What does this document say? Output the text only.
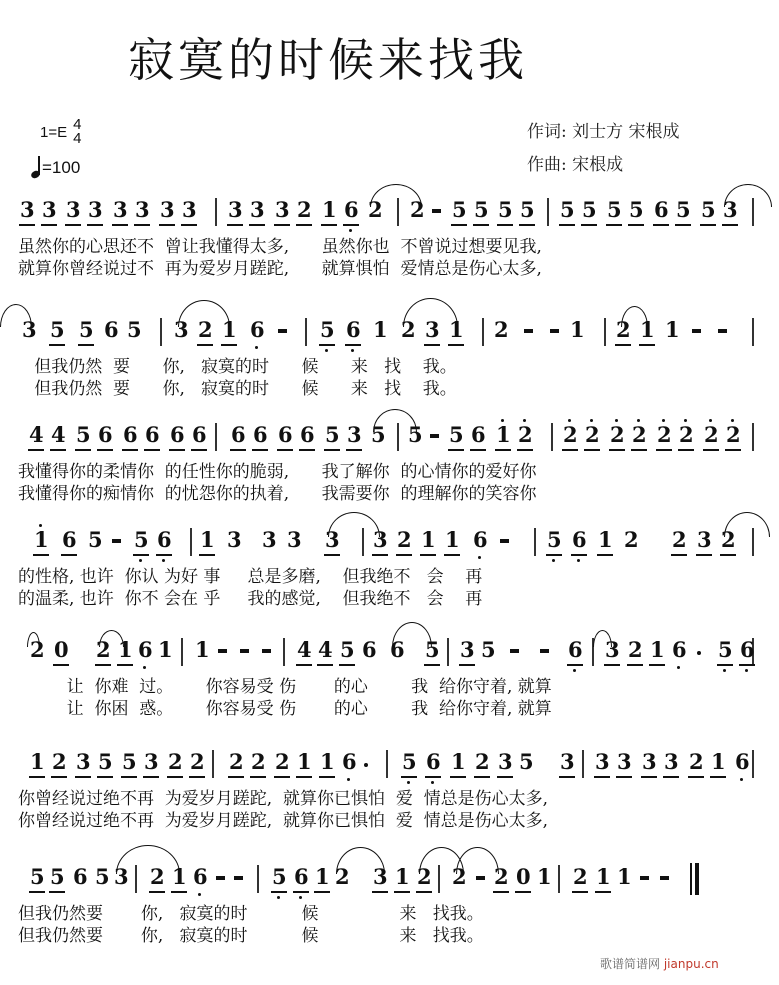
寂寞的时候来找我
1=E 4
4
=100
作词: 刘士方 宋根成
作曲: 宋根成
3 3 3 3 3 3 3 3 3 3 3 2 1 6 2 2 5 5 5 5 5 5 5 5 6 5 5 3
虽然你的心思还不  曾让我懂得太多,      虽然你也  不曾说过想要见我,
就算你曾经说过不  再为爱岁月蹉跎,      就算惧怕  爱情总是伤心太多,
3 5 5 6 5 3 2 1 6	5 6 1 2 3 1 2	1 2 1 1
但我仍然  要      你,   寂寞的时      候      来   找    我。
但我仍然  要      你,   寂寞的时      候      来   找    我。
4 4 5 6 6 6 6 6 6 6 6 6 5 3 5 5 5 6 1 2 2 2 2 2 2 2 2 2
我懂得你的柔情你  的任性你的脆弱,      我了解你  的心情你的爱好你
我懂得你的痴情你  的忧怨你的执着,      我需要你  的理解你的笑容你
1 6 5 5 6 1 3 3 3 3 3 2 1 1 6	5 6 1 2 2 3 2
的性格, 也许  你认 为好 事     总是多磨,    但我绝不   会    再
的温柔, 也许  你不 会在 乎     我的感觉,    但我绝不   会    再
2 0 2 1 6 1 1	4 4 5 6 6 5 3 5	6 3 2 1 6 5 6
让  你难  过。      你容易受 伤       的心        我  给你守着, 就算
让  你困  惑。      你容易受 伤       的心        我  给你守着, 就算
1 2 3 5 5 3 2 2 2 2 2 1 1 6 5 6 1 2 3 5 3 3 3 3 3 2 1 6
你曾经说过绝不再  为爱岁月蹉跎,  就算你已惧怕  爱  情总是伤心太多,
你曾经说过绝不再  为爱岁月蹉跎,  就算你已惧怕  爱  情总是伤心太多,
5 5 6 5 3 2 1 6	5 6 1 2 3 1 2 2 2 0 1 2 1 1
但我仍然要       你,   寂寞的时          候               来   找我。
但我仍然要       你,   寂寞的时          候               来   找我。
歌谱简谱网 jianpu.cn
